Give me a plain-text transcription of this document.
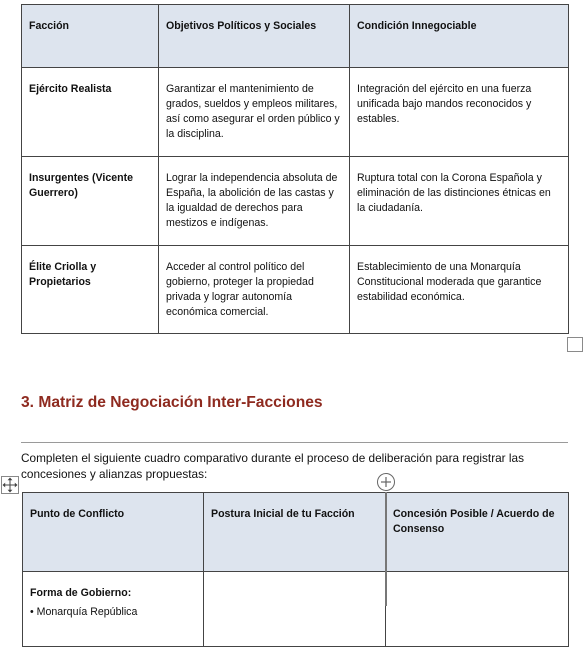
Facción	Objetivos Políticos y Sociales	Condición Innegociable
Ejército Realista	Garantizar el mantenimiento de grados, sueldos y empleos militares, así como asegurar el orden público y la disciplina.	Integración del ejército en una fuerza unificada bajo mandos reconocidos y estables.
Insurgentes (Vicente Guerrero)	Lograr la independencia absoluta de España, la abolición de las castas y la igualdad de derechos para mestizos e indígenas.	Ruptura total con la Corona Española y eliminación de las distinciones étnicas en la ciudadanía.
Élite Criolla y Propietarios	Acceder al control político del gobierno, proteger la propiedad privada y lograr autonomía económica comercial.	Establecimiento de una Monarquía Constitucional moderada que garantice estabilidad económica.
3. Matriz de Negociación Inter-Facciones

Completen el siguiente cuadro comparativo durante el proceso de deliberación para registrar las concesiones y alianzas propuestas:

Punto de Conflicto	Postura Inicial de tu Facción	Concesión Posible / Acuerdo de Consenso
Forma de Gobierno:
• Monarquía República		
